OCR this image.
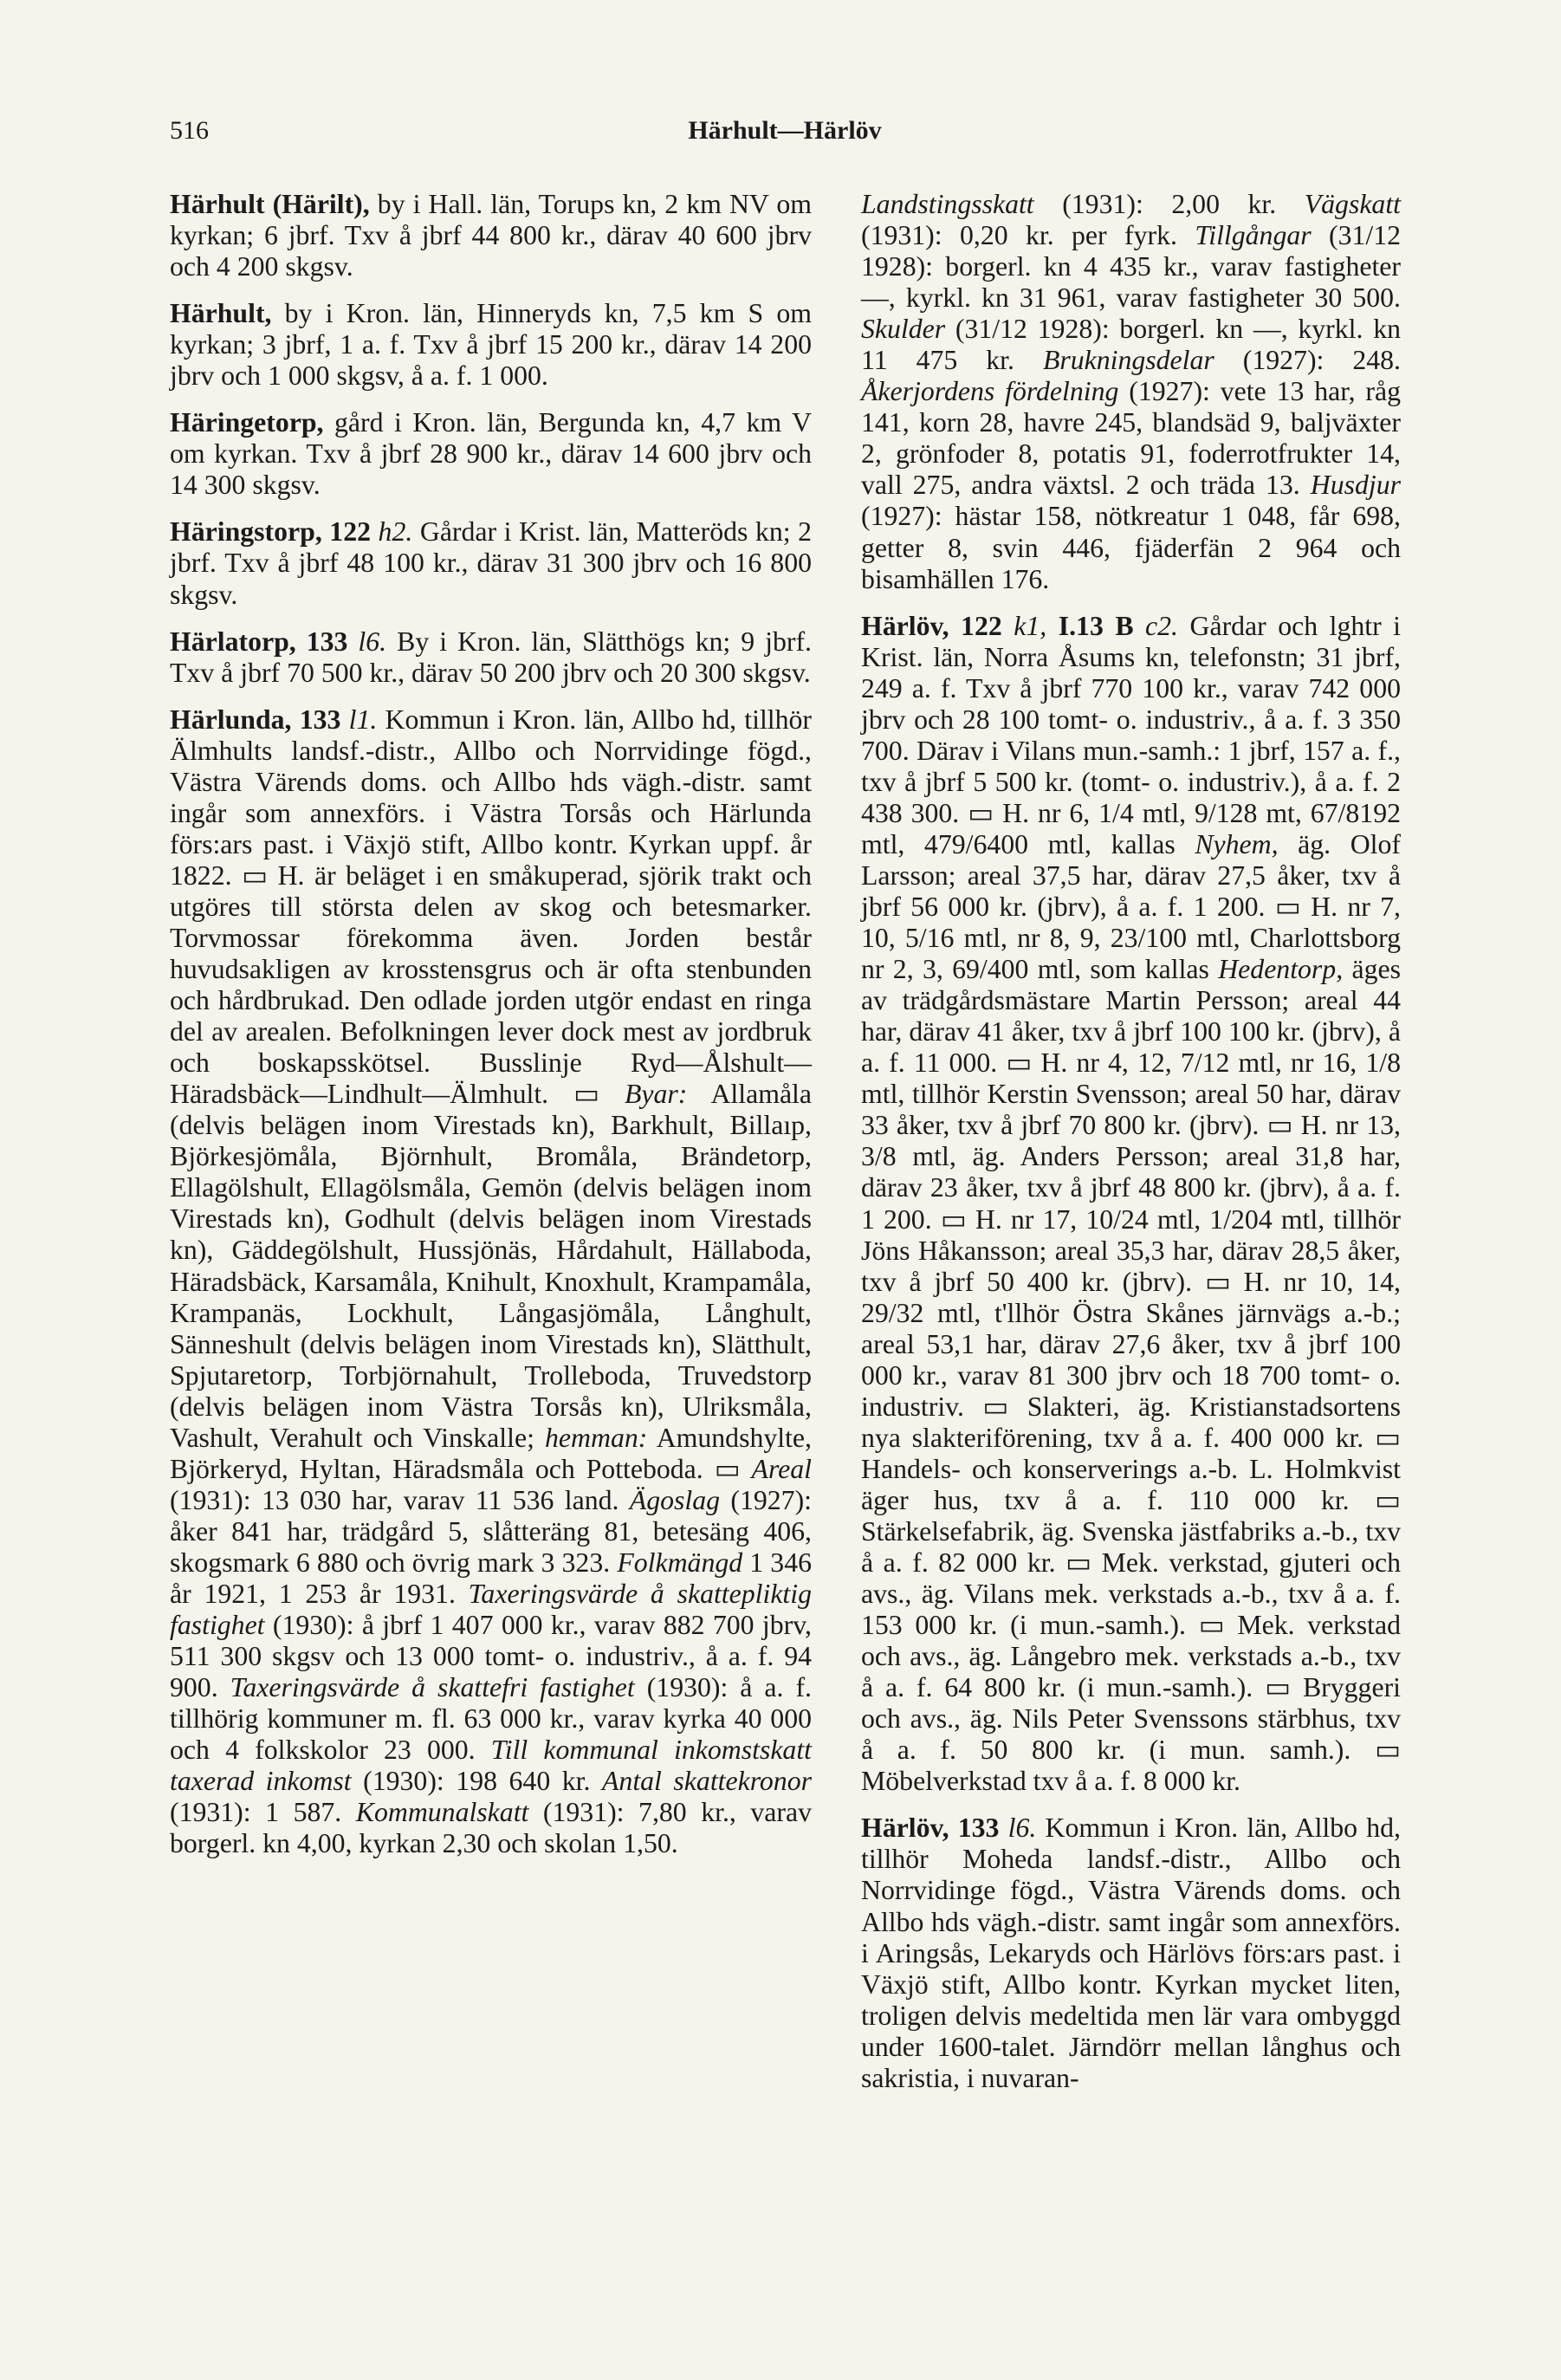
516	Härhult—Härlöv

Härhult (Härilt), by i Hall. län, Torups kn, 2 km NV om kyrkan; 6 jbrf. Txv å jbrf 44 800 kr., därav 40 600 jbrv och 4 200 skgsv.

Härhult, by i Kron. län, Hinneryds kn, 7,5 km S om kyrkan; 3 jbrf, 1 a. f. Txv å jbrf 15 200 kr., därav 14 200 jbrv och 1 000 skgsv, å a. f. 1 000.

Häringetorp, gård i Kron. län, Bergunda kn, 4,7 km V om kyrkan. Txv å jbrf 28 900 kr., därav 14 600 jbrv och 14 300 skgsv.

Häringstorp, 122 h2. Gårdar i Krist. län, Matteröds kn; 2 jbrf. Txv å jbrf 48 100 kr., därav 31 300 jbrv och 16 800 skgsv.

Härlatorp, 133 l6. By i Kron. län, Slätthögs kn; 9 jbrf. Txv å jbrf 70 500 kr., därav 50 200 jbrv och 20 300 skgsv.

Härlunda, 133 l1. Kommun i Kron. län, Allbo hd, tillhör Älmhults landsf.-distr., Allbo och Norrvidinge fögd., Västra Värends doms. och Allbo hds vägh.-distr. samt ingår som annexförs. i Västra Torsås och Härlunda förs:ars past. i Växjö stift, Allbo kontr. Kyrkan uppf. år 1822. ▭ H. är beläget i en småkuperad, sjörik trakt och utgöres till största delen av skog och betesmarker. Torvmossar förekomma även. Jorden består huvudsakligen av krosstensgrus och är ofta stenbunden och hårdbrukad. Den odlade jorden utgör endast en ringa del av arealen. Befolkningen lever dock mest av jordbruk och boskapsskötsel. Busslinje Ryd—Ålshult—Häradsbäck—Lindhult—Älmhult. ▭ Byar: Allamåla (delvis belägen inom Virestads kn), Barkhult, Billaıp, Björkesjömåla, Björnhult, Bromåla, Brändetorp, Ellagölshult, Ellagölsmåla, Gemön (delvis belägen inom Virestads kn), Godhult (delvis belägen inom Virestads kn), Gäddegölshult, Hussjönäs, Hårdahult, Hällaboda, Häradsbäck, Karsamåla, Knihult, Knoxhult, Krampamåla, Krampanäs, Lockhult, Långasjömåla, Långhult, Sänneshult (delvis belägen inom Virestads kn), Slätthult, Spjutaretorp, Torbjörnahult, Trolleboda, Truvedstorp (delvis belägen inom Västra Torsås kn), Ulriksmåla, Vashult, Verahult och Vinskalle; hemman: Amundshylte, Björkeryd, Hyltan, Häradsmåla och Potteboda. ▭ Areal (1931): 13 030 har, varav 11 536 land. Ägoslag (1927): åker 841 har, trädgård 5, slåtteräng 81, betesäng 406, skogsmark 6 880 och övrig mark 3 323. Folkmängd 1 346 år 1921, 1 253 år 1931. Taxeringsvärde å skattepliktig fastighet (1930): å jbrf 1 407 000 kr., varav 882 700 jbrv, 511 300 skgsv och 13 000 tomt- o. industriv., å a. f. 94 900. Taxeringsvärde å skattefri fastighet (1930): å a. f. tillhörig kommuner m. fl. 63 000 kr., varav kyrka 40 000 och 4 folkskolor 23 000. Till kommunal inkomstskatt taxerad inkomst (1930): 198 640 kr. Antal skattekronor (1931): 1 587. Kommunalskatt (1931): 7,80 kr., varav borgerl. kn 4,00, kyrkan 2,30 och skolan 1,50.

Landstingsskatt (1931): 2,00 kr. Vägskatt (1931): 0,20 kr. per fyrk. Tillgångar (31/12 1928): borgerl. kn 4 435 kr., varav fastigheter —, kyrkl. kn 31 961, varav fastigheter 30 500. Skulder (31/12 1928): borgerl. kn —, kyrkl. kn 11 475 kr. Brukningsdelar (1927): 248. Åkerjordens fördelning (1927): vete 13 har, råg 141, korn 28, havre 245, blandsäd 9, baljväxter 2, grönfoder 8, potatis 91, foderrotfrukter 14, vall 275, andra växtsl. 2 och träda 13. Husdjur (1927): hästar 158, nötkreatur 1 048, får 698, getter 8, svin 446, fjäderfän 2 964 och bisamhällen 176.

Härlöv, 122 k1, I.13 B c2. Gårdar och lghtr i Krist. län, Norra Åsums kn, telefonstn; 31 jbrf, 249 a. f. Txv å jbrf 770 100 kr., varav 742 000 jbrv och 28 100 tomt- o. industriv., å a. f. 3 350 700. Därav i Vilans mun.-samh.: 1 jbrf, 157 a. f., txv å jbrf 5 500 kr. (tomt- o. industriv.), å a. f. 2 438 300. ▭ H. nr 6, 1/4 mtl, 9/128 mt, 67/8192 mtl, 479/6400 mtl, kallas Nyhem, äg. Olof Larsson; areal 37,5 har, därav 27,5 åker, txv å jbrf 56 000 kr. (jbrv), å a. f. 1 200. ▭ H. nr 7, 10, 5/16 mtl, nr 8, 9, 23/100 mtl, Charlottsborg nr 2, 3, 69/400 mtl, som kallas Hedentorp, äges av trädgårdsmästare Martin Persson; areal 44 har, därav 41 åker, txv å jbrf 100 100 kr. (jbrv), å a. f. 11 000. ▭ H. nr 4, 12, 7/12 mtl, nr 16, 1/8 mtl, tillhör Kerstin Svensson; areal 50 har, därav 33 åker, txv å jbrf 70 800 kr. (jbrv). ▭ H. nr 13, 3/8 mtl, äg. Anders Persson; areal 31,8 har, därav 23 åker, txv å jbrf 48 800 kr. (jbrv), å a. f. 1 200. ▭ H. nr 17, 10/24 mtl, 1/204 mtl, tillhör Jöns Håkansson; areal 35,3 har, därav 28,5 åker, txv å jbrf 50 400 kr. (jbrv). ▭ H. nr 10, 14, 29/32 mtl, t'llhör Östra Skånes järnvägs a.-b.; areal 53,1 har, därav 27,6 åker, txv å jbrf 100 000 kr., varav 81 300 jbrv och 18 700 tomt- o. industriv. ▭ Slakteri, äg. Kristianstadsortens nya slakteriförening, txv å a. f. 400 000 kr. ▭ Handels- och konserverings a.-b. L. Holmkvist äger hus, txv å a. f. 110 000 kr. ▭ Stärkelsefabrik, äg. Svenska jästfabriks a.-b., txv å a. f. 82 000 kr. ▭ Mek. verkstad, gjuteri och avs., äg. Vilans mek. verkstads a.-b., txv å a. f. 153 000 kr. (i mun.-samh.). ▭ Mek. verkstad och avs., äg. Långebro mek. verkstads a.-b., txv å a. f. 64 800 kr. (i mun.-samh.). ▭ Bryggeri och avs., äg. Nils Peter Svenssons stärbhus, txv å a. f. 50 800 kr. (i mun. samh.). ▭ Möbelverkstad txv å a. f. 8 000 kr.

Härlöv, 133 l6. Kommun i Kron. län, Allbo hd, tillhör Moheda landsf.-distr., Allbo och Norrvidinge fögd., Västra Värends doms. och Allbo hds vägh.-distr. samt ingår som annexförs. i Aringsås, Lekaryds och Härlövs förs:ars past. i Växjö stift, Allbo kontr. Kyrkan mycket liten, troligen delvis medeltida men lär vara ombyggd under 1600-talet. Järndörr mellan långhus och sakristia, i nuvaran-
